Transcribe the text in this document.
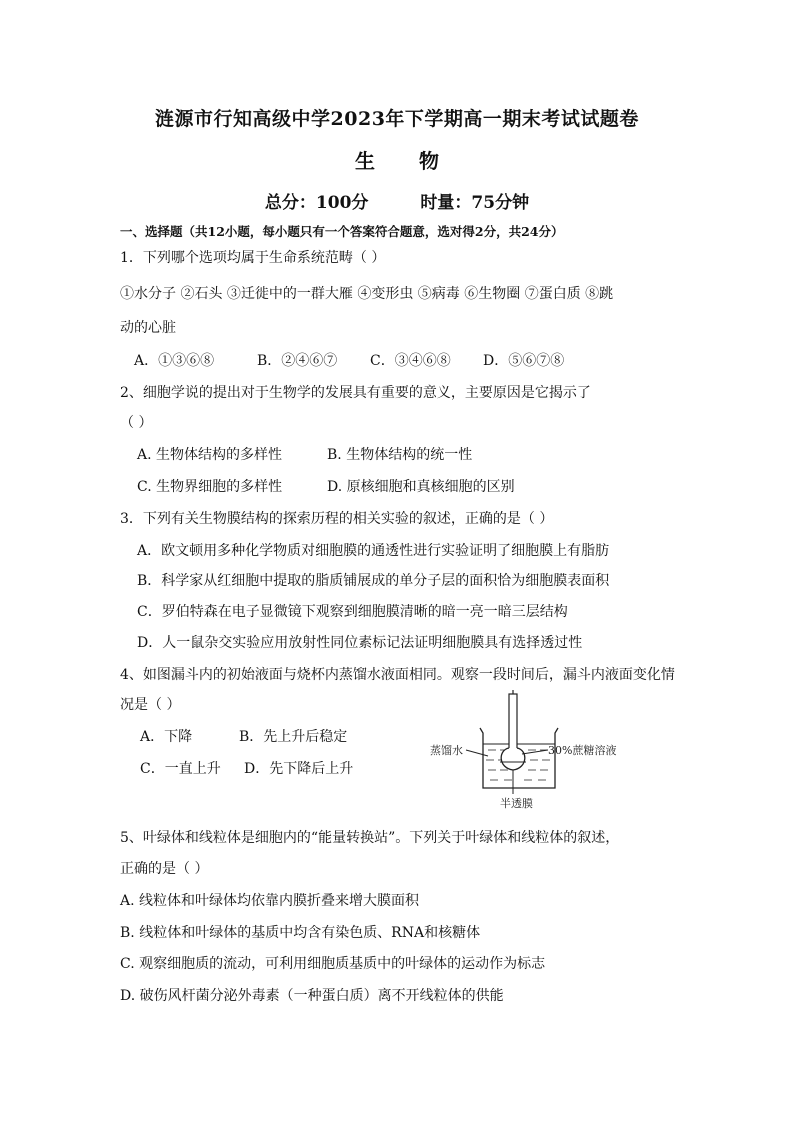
涟源市行知高级中学2023年下学期高一期末考试试题卷
生 物
总分：100分	时量：75分钟
一、选择题（共12小题，每小题只有一个答案符合题意，选对得2分，共24分）
1．下列哪个选项均属于生命系统范畴（ ）
①水分子 ②石头 ③迁徙中的一群大雁 ④变形虫 ⑤病毒 ⑥生物圈 ⑦蛋白质 ⑧跳
动的心脏
A．①③⑥⑧	B．②④⑥⑦ C．③④⑥⑧ D．⑤⑥⑦⑧
2、细胞学说的提出对于生物学的发展具有重要的意义，主要原因是它揭示了
（ ）
A. 生物体结构的多样性	B. 生物体结构的统一性
C. 生物界细胞的多样性	D. 原核细胞和真核细胞的区别
3．下列有关生物膜结构的探索历程的相关实验的叙述，正确的是（ ）
A．欧文顿用多种化学物质对细胞膜的通透性进行实验证明了细胞膜上有脂肪
B．科学家从红细胞中提取的脂质铺展成的单分子层的面积恰为细胞膜表面积
C．罗伯特森在电子显微镜下观察到细胞膜清晰的暗一亮一暗三层结构
D．人一鼠杂交实验应用放射性同位素标记法证明细胞膜具有选择透过性
4、如图漏斗内的初始液面与烧杯内蒸馏水液面相同。观察一段时间后，漏斗内液面变化情
况是（ ）
A．下降	B．先上升后稳定
C．一直上升 D．先下降后上升
蒸馏水	30%蔗糖溶液
半透膜
5、叶绿体和线粒体是细胞内的“能量转换站”。下列关于叶绿体和线粒体的叙述，
正确的是（ ）
A. 线粒体和叶绿体均依靠内膜折叠来增大膜面积
B. 线粒体和叶绿体的基质中均含有染色质、RNA和核糖体
C. 观察细胞质的流动，可利用细胞质基质中的叶绿体的运动作为标志
D. 破伤风杆菌分泌外毒素（一种蛋白质）离不开线粒体的供能
